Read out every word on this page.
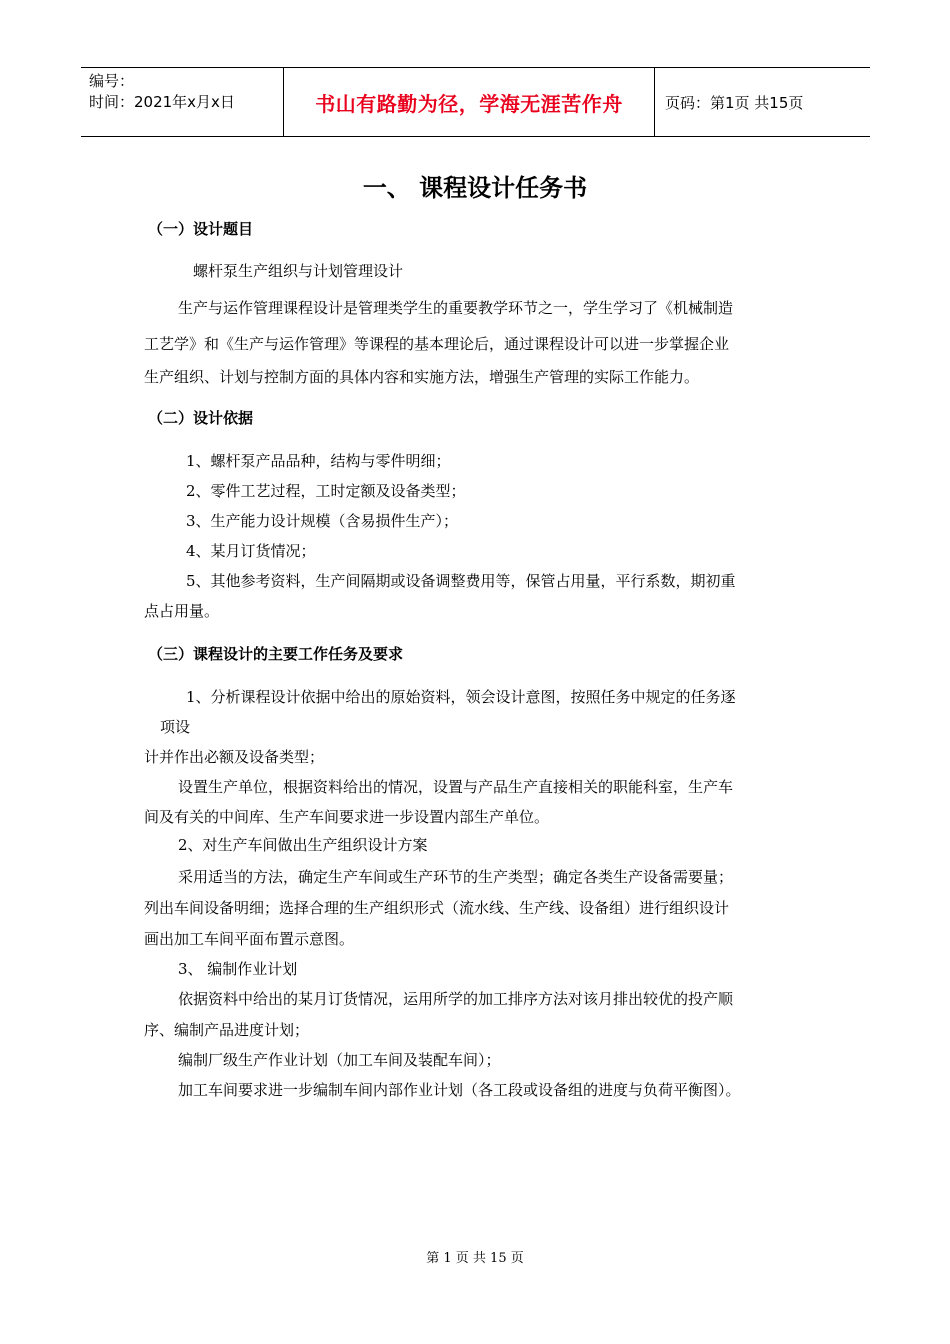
编号：
时间：2021年x月x日	书山有路勤为径，学海无涯苦作舟	页码：第1页 共15页
一、 课程设计任务书
（一）设计题目
螺杆泵生产组织与计划管理设计
生产与运作管理课程设计是管理类学生的重要教学环节之一，学生学习了《机械制造
工艺学》和《生产与运作管理》等课程的基本理论后，通过课程设计可以进一步掌握企业
生产组织、计划与控制方面的具体内容和实施方法，增强生产管理的实际工作能力。
（二）设计依据
1、螺杆泵产品品种，结构与零件明细；
2、零件工艺过程，工时定额及设备类型；
3、生产能力设计规模（含易损件生产）；
4、某月订货情况；
5、其他参考资料，生产间隔期或设备调整费用等，保管占用量，平行系数，期初重
点占用量。
（三）课程设计的主要工作任务及要求
1、分析课程设计依据中给出的原始资料，领会设计意图，按照任务中规定的任务逐
项设
计并作出必额及设备类型；
设置生产单位，根据资料给出的情况，设置与产品生产直接相关的职能科室，生产车
间及有关的中间库、生产车间要求进一步设置内部生产单位。
2、对生产车间做出生产组织设计方案
采用适当的方法，确定生产车间或生产环节的生产类型；确定各类生产设备需要量；
列出车间设备明细；选择合理的生产组织形式（流水线、生产线、设备组）进行组织设计
画出加工车间平面布置示意图。
3、 编制作业计划
依据资料中给出的某月订货情况，运用所学的加工排序方法对该月排出较优的投产顺
序、编制产品进度计划；
编制厂级生产作业计划（加工车间及装配车间）；
加工车间要求进一步编制车间内部作业计划（各工段或设备组的进度与负荷平衡图）。
第 1 页 共 15 页
